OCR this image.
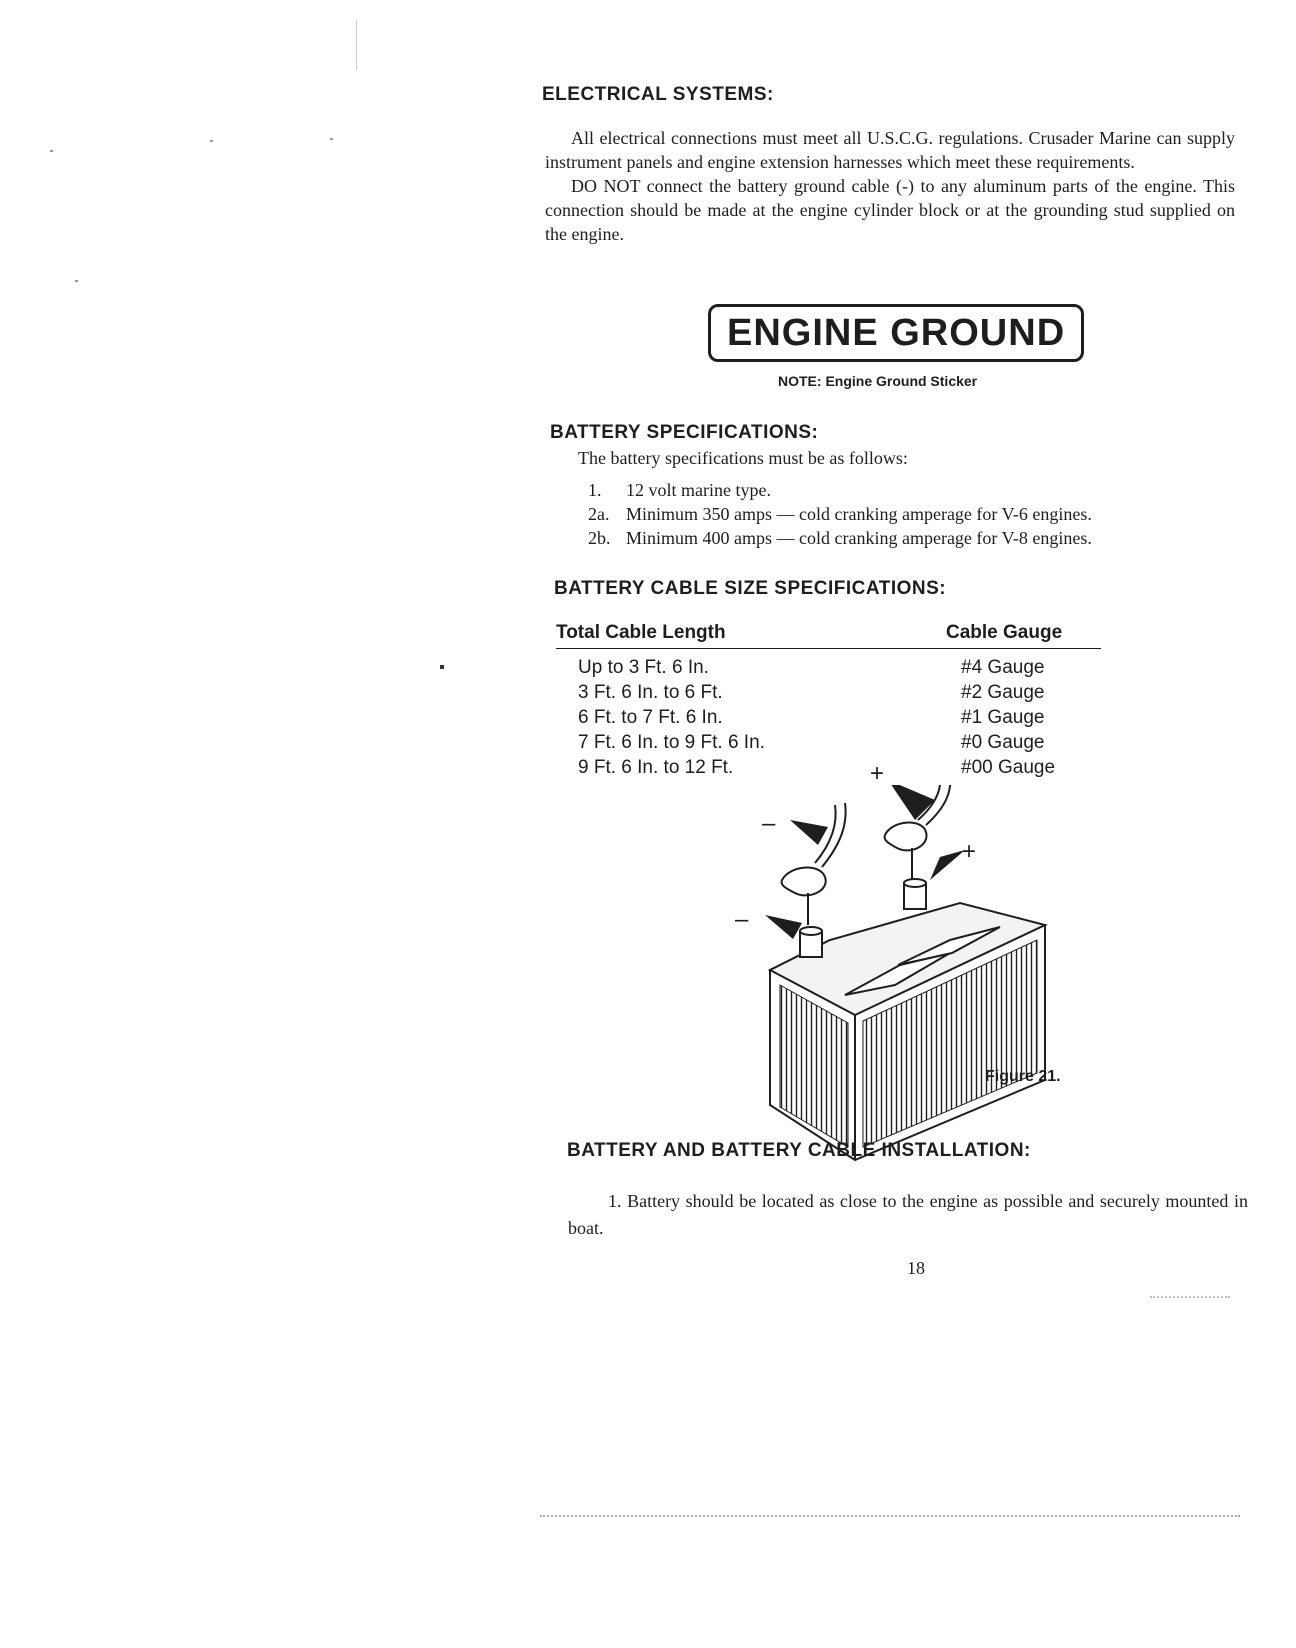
ELECTRICAL SYSTEMS:

All electrical connections must meet all U.S.C.G. regulations. Crusader Marine can supply instrument panels and engine extension harnesses which meet these requirements.

DO NOT connect the battery ground cable (-) to any aluminum parts of the engine. This connection should be made at the engine cylinder block or at the grounding stud supplied on the engine.

ENGINE GROUND
NOTE: Engine Ground Sticker
BATTERY SPECIFICATIONS:
The battery specifications must be as follows:
1.	12 volt marine type.
2a. Minimum 350 amps — cold cranking amperage for V-6 engines.
2b. Minimum 400 amps — cold cranking amperage for V-8 engines.
BATTERY CABLE SIZE SPECIFICATIONS:
Total Cable Length	Cable Gauge
Up to 3 Ft. 6 In.	#4 Gauge
3 Ft. 6 In. to 6 Ft.	#2 Gauge
6 Ft. to 7 Ft. 6 In.	#1 Gauge
7 Ft. 6 In. to 9 Ft. 6 In.	#0 Gauge
9 Ft. 6 In. to 12 Ft.	#00 Gauge
+
–
+
–
Figure 21.
BATTERY AND BATTERY CABLE INSTALLATION:
1. Battery should be located as close to the engine as possible and securely mounted in boat.
18
